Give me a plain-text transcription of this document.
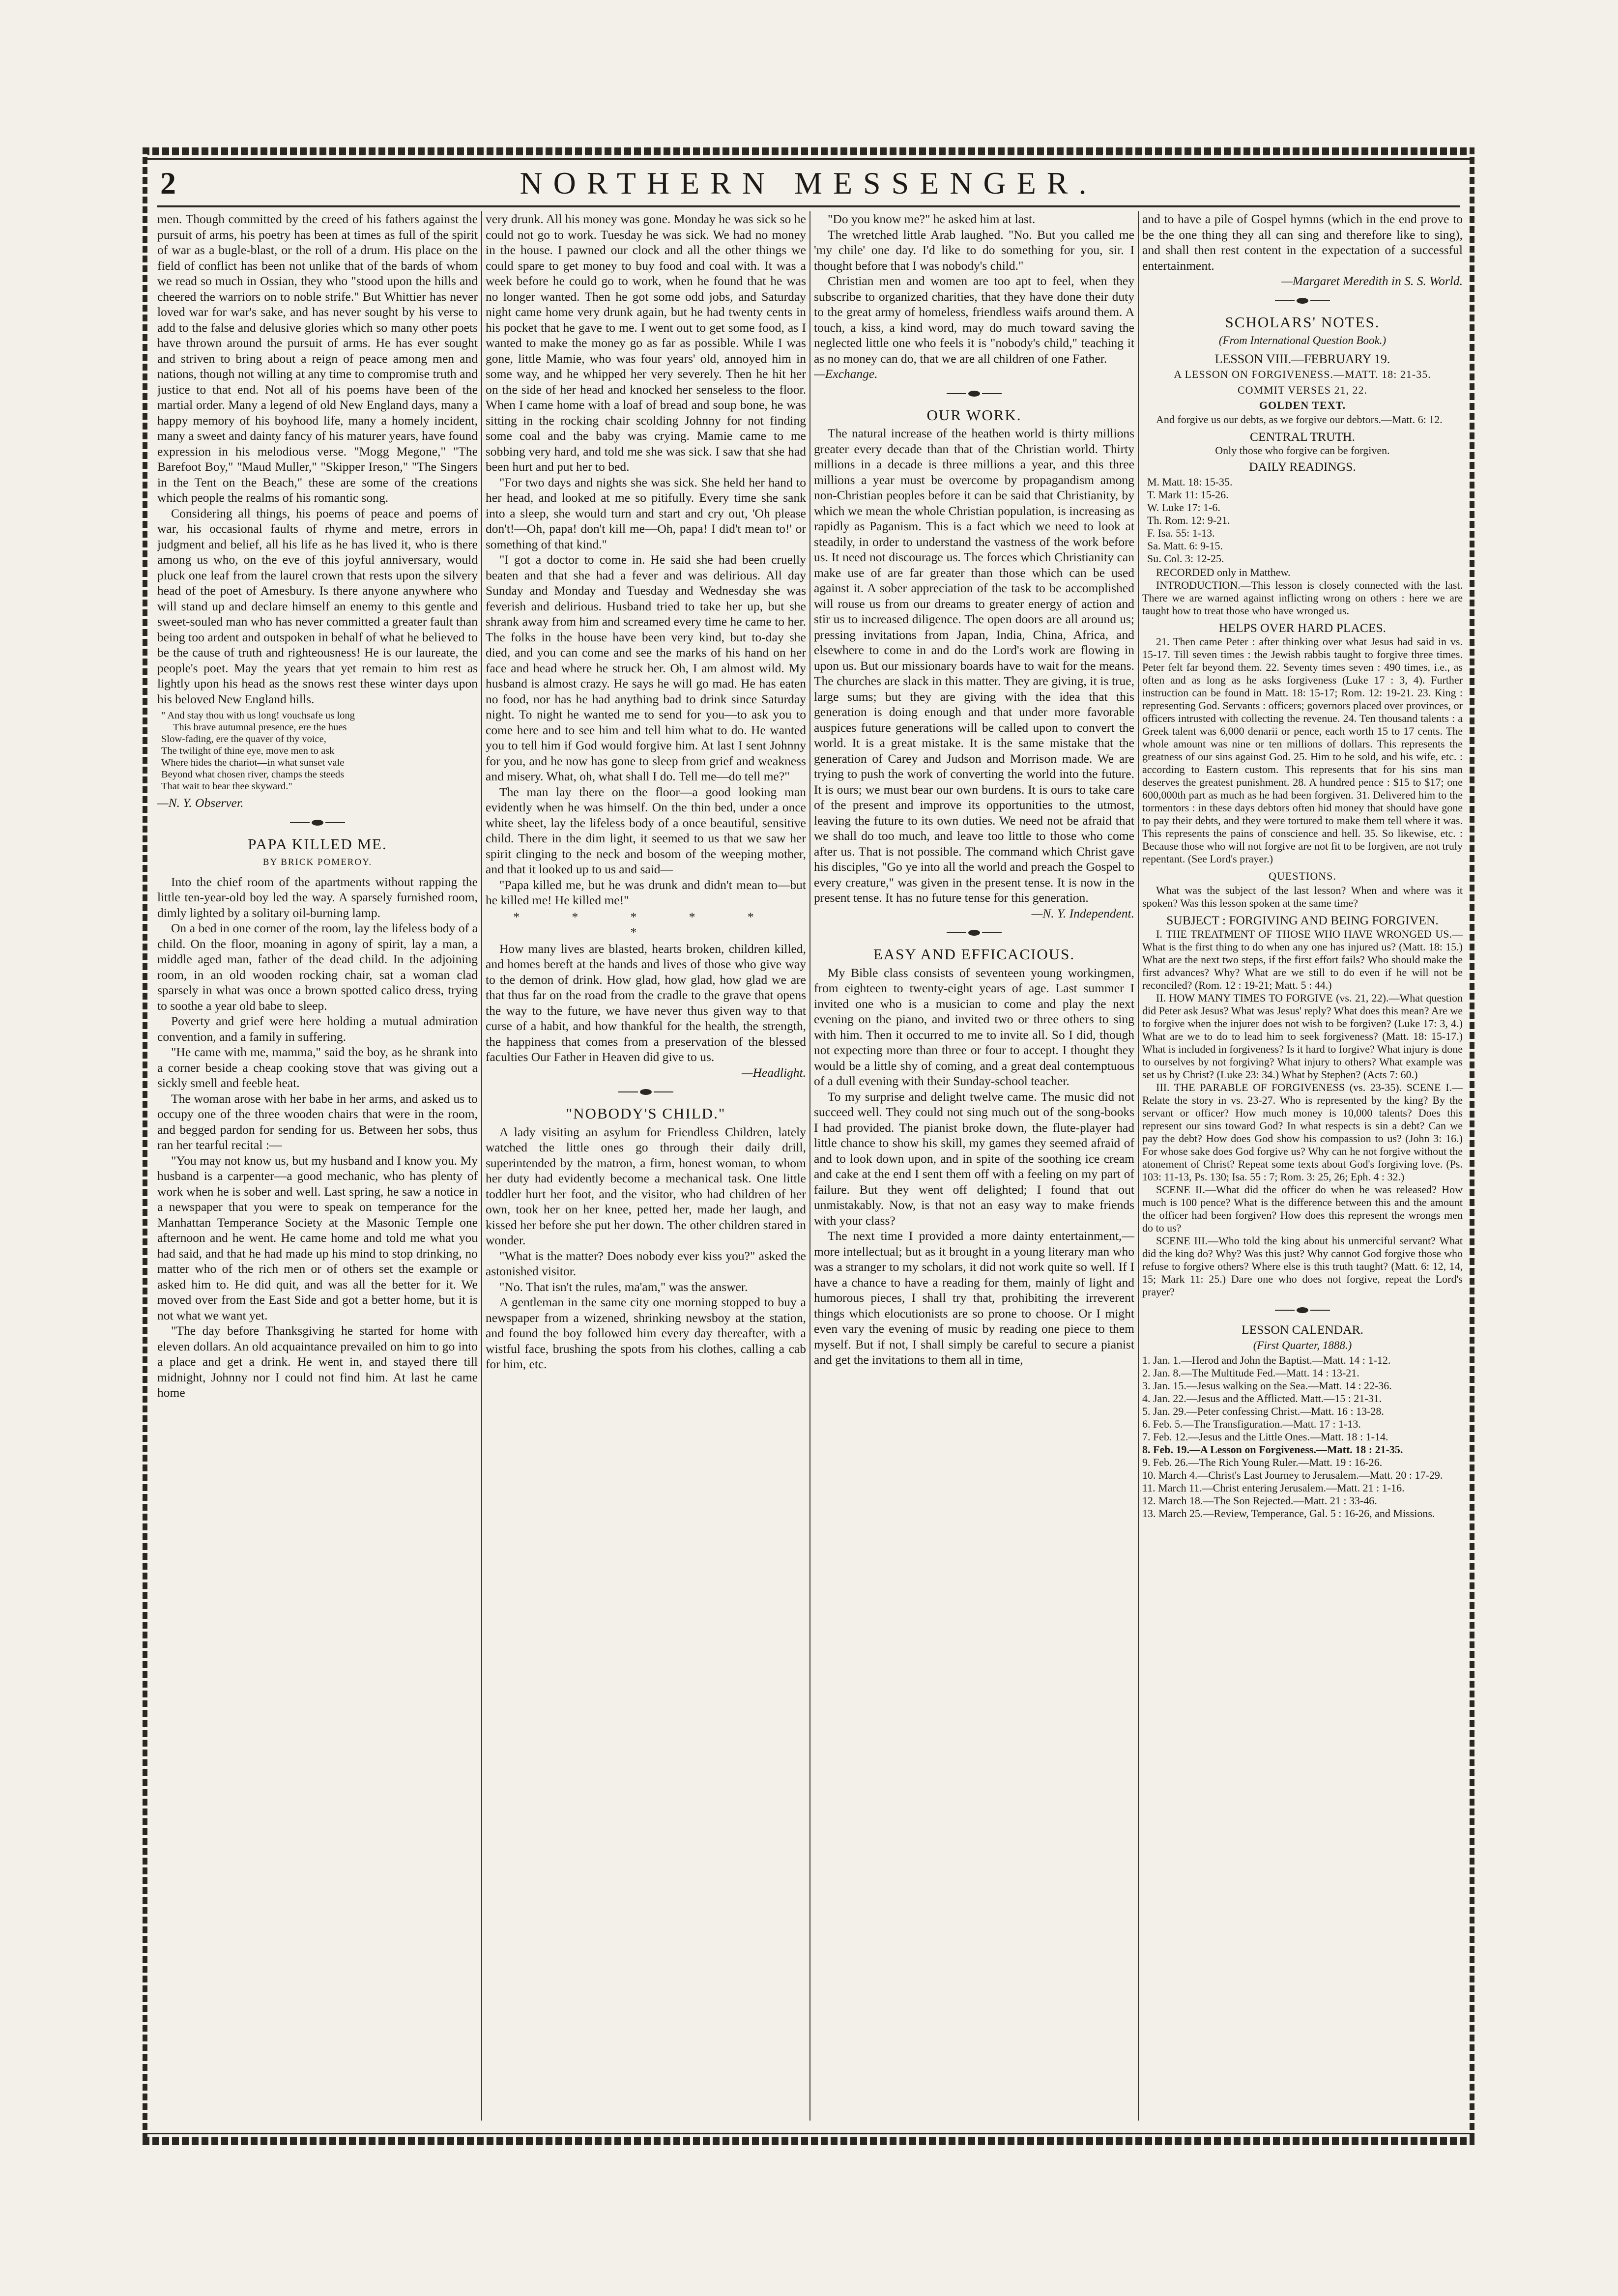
2	NORTHERN MESSENGER.

men. Though committed by the creed of his fathers against the pursuit of arms, his poetry has been at times as full of the spirit of war as a bugle-blast, or the roll of a drum. His place on the field of conflict has been not unlike that of the bards of whom we read so much in Ossian, they who "stood upon the hills and cheered the warriors on to noble strife." But Whittier has never loved war for war's sake, and has never sought by his verse to add to the false and delusive glories which so many other poets have thrown around the pursuit of arms. He has ever sought and striven to bring about a reign of peace among men and nations, though not willing at any time to compromise truth and justice to that end. Not all of his poems have been of the martial order. Many a legend of old New England days, many a happy memory of his boyhood life, many a homely incident, many a sweet and dainty fancy of his maturer years, have found expression in his melodious verse. "Mogg Megone," "The Barefoot Boy," "Maud Muller," "Skipper Ireson," "The Singers in the Tent on the Beach," these are some of the creations which people the realms of his romantic song.

Considering all things, his poems of peace and poems of war, his occasional faults of rhyme and metre, errors in judgment and belief, all his life as he has lived it, who is there among us who, on the eve of this joyful anniversary, would pluck one leaf from the laurel crown that rests upon the silvery head of the poet of Amesbury. Is there anyone anywhere who will stand up and declare himself an enemy to this gentle and sweet-souled man who has never committed a greater fault than being too ardent and outspoken in behalf of what he believed to be the cause of truth and righteousness! He is our laureate, the people's poet. May the years that yet remain to him rest as lightly upon his head as the snows rest these winter days upon his beloved New England hills.

" And stay thou with us long! vouchsafe us long
This brave autumnal presence, ere the hues
Slow-fading, ere the quaver of thy voice,
The twilight of thine eye, move men to ask
Where hides the chariot—in what sunset vale
Beyond what chosen river, champs the steeds
That wait to bear thee skyward."

—N. Y. Observer.

PAPA KILLED ME.
BY BRICK POMEROY.

Into the chief room of the apartments without rapping the little ten-year-old boy led the way. A sparsely furnished room, dimly lighted by a solitary oil-burning lamp.

On a bed in one corner of the room, lay the lifeless body of a child. On the floor, moaning in agony of spirit, lay a man, a middle aged man, father of the dead child. In the adjoining room, in an old wooden rocking chair, sat a woman clad sparsely in what was once a brown spotted calico dress, trying to soothe a year old babe to sleep.

Poverty and grief were here holding a mutual admiration convention, and a family in suffering.

"He came with me, mamma," said the boy, as he shrank into a corner beside a cheap cooking stove that was giving out a sickly smell and feeble heat.

The woman arose with her babe in her arms, and asked us to occupy one of the three wooden chairs that were in the room, and begged pardon for sending for us. Between her sobs, thus ran her tearful recital :—

"You may not know us, but my husband and I know you. My husband is a carpenter—a good mechanic, who has plenty of work when he is sober and well. Last spring, he saw a notice in a newspaper that you were to speak on temperance for the Manhattan Temperance Society at the Masonic Temple one afternoon and he went. He came home and told me what you had said, and that he had made up his mind to stop drinking, no matter who of the rich men or of others set the example or asked him to. He did quit, and was all the better for it. We moved over from the East Side and got a better home, but it is not what we want yet.

"The day before Thanksgiving he started for home with eleven dollars. An old acquaintance prevailed on him to go into a place and get a drink. He went in, and stayed there till midnight, Johnny nor I could not find him. At last he came home

very drunk. All his money was gone. Monday he was sick so he could not go to work. Tuesday he was sick. We had no money in the house. I pawned our clock and all the other things we could spare to get money to buy food and coal with. It was a week before he could go to work, when he found that he was no longer wanted. Then he got some odd jobs, and Saturday night came home very drunk again, but he had twenty cents in his pocket that he gave to me. I went out to get some food, as I wanted to make the money go as far as possible. While I was gone, little Mamie, who was four years' old, annoyed him in some way, and he whipped her very severely. Then he hit her on the side of her head and knocked her senseless to the floor. When I came home with a loaf of bread and soup bone, he was sitting in the rocking chair scolding Johnny for not finding some coal and the baby was crying. Mamie came to me sobbing very hard, and told me she was sick. I saw that she had been hurt and put her to bed.

"For two days and nights she was sick. She held her hand to her head, and looked at me so pitifully. Every time she sank into a sleep, she would turn and start and cry out, 'Oh please don't!—Oh, papa! don't kill me—Oh, papa! I did't mean to!' or something of that kind."

"I got a doctor to come in. He said she had been cruelly beaten and that she had a fever and was delirious. All day Sunday and Monday and Tuesday and Wednesday she was feverish and delirious. Husband tried to take her up, but she shrank away from him and screamed every time he came to her. The folks in the house have been very kind, but to-day she died, and you can come and see the marks of his hand on her face and head where he struck her. Oh, I am almost wild. My husband is almost crazy. He says he will go mad. He has eaten no food, nor has he had anything bad to drink since Saturday night. To night he wanted me to send for you—to ask you to come here and to see him and tell him what to do. He wanted you to tell him if God would forgive him. At last I sent Johnny for you, and he now has gone to sleep from grief and weakness and misery. What, oh, what shall I do. Tell me—do tell me?"

The man lay there on the floor—a good looking man evidently when he was himself. On the thin bed, under a once white sheet, lay the lifeless body of a once beautiful, sensitive child. There in the dim light, it seemed to us that we saw her spirit clinging to the neck and bosom of the weeping mother, and that it looked up to us and said—

"Papa killed me, but he was drunk and didn't mean to—but he killed me! He killed me!"

* * * * * *

How many lives are blasted, hearts broken, children killed, and homes bereft at the hands and lives of those who give way to the demon of drink. How glad, how glad, how glad we are that thus far on the road from the cradle to the grave that opens the way to the future, we have never thus given way to that curse of a habit, and how thankful for the health, the strength, the happiness that comes from a preservation of the blessed faculties Our Father in Heaven did give to us.

—Headlight.

"NOBODY'S CHILD."

A lady visiting an asylum for Friendless Children, lately watched the little ones go through their daily drill, superintended by the matron, a firm, honest woman, to whom her duty had evidently become a mechanical task. One little toddler hurt her foot, and the visitor, who had children of her own, took her on her knee, petted her, made her laugh, and kissed her before she put her down. The other children stared in wonder.

"What is the matter? Does nobody ever kiss you?" asked the astonished visitor.

"No. That isn't the rules, ma'am," was the answer.

A gentleman in the same city one morning stopped to buy a newspaper from a wizened, shrinking newsboy at the station, and found the boy followed him every day thereafter, with a wistful face, brushing the spots from his clothes, calling a cab for him, etc.

"Do you know me?" he asked him at last.

The wretched little Arab laughed. "No. But you called me 'my chile' one day. I'd like to do something for you, sir. I thought before that I was nobody's child."

Christian men and women are too apt to feel, when they subscribe to organized charities, that they have done their duty to the great army of homeless, friendless waifs around them. A touch, a kiss, a kind word, may do much toward saving the neglected little one who feels it is "nobody's child," teaching it as no money can do, that we are all children of one Father.

—Exchange.

OUR WORK.

The natural increase of the heathen world is thirty millions greater every decade than that of the Christian world. Thirty millions in a decade is three millions a year, and this three millions a year must be overcome by propagandism among non-Christian peoples before it can be said that Christianity, by which we mean the whole Christian population, is increasing as rapidly as Paganism. This is a fact which we need to look at steadily, in order to understand the vastness of the work before us. It need not discourage us. The forces which Christianity can make use of are far greater than those which can be used against it. A sober appreciation of the task to be accomplished will rouse us from our dreams to greater energy of action and stir us to increased diligence. The open doors are all around us; pressing invitations from Japan, India, China, Africa, and elsewhere to come in and do the Lord's work are flowing in upon us. But our missionary boards have to wait for the means. The churches are slack in this matter. They are giving, it is true, large sums; but they are giving with the idea that this generation is doing enough and that under more favorable auspices future generations will be called upon to convert the world. It is a great mistake. It is the same mistake that the generation of Carey and Judson and Morrison made. We are trying to push the work of converting the world into the future. It is ours; we must bear our own burdens. It is ours to take care of the present and improve its opportunities to the utmost, leaving the future to its own duties. We need not be afraid that we shall do too much, and leave too little to those who come after us. That is not possible. The command which Christ gave his disciples, "Go ye into all the world and preach the Gospel to every creature," was given in the present tense. It is now in the present tense. It has no future tense for this generation.

—N. Y. Independent.

EASY AND EFFICACIOUS.

My Bible class consists of seventeen young workingmen, from eighteen to twenty-eight years of age. Last summer I invited one who is a musician to come and play the next evening on the piano, and invited two or three others to sing with him. Then it occurred to me to invite all. So I did, though not expecting more than three or four to accept. I thought they would be a little shy of coming, and a great deal contemptuous of a dull evening with their Sunday-school teacher.

To my surprise and delight twelve came. The music did not succeed well. They could not sing much out of the song-books I had provided. The pianist broke down, the flute-player had little chance to show his skill, my games they seemed afraid of and to look down upon, and in spite of the soothing ice cream and cake at the end I sent them off with a feeling on my part of failure. But they went off delighted; I found that out unmistakably. Now, is that not an easy way to make friends with your class?

The next time I provided a more dainty entertainment,—more intellectual; but as it brought in a young literary man who was a stranger to my scholars, it did not work quite so well. If I have a chance to have a reading for them, mainly of light and humorous pieces, I shall try that, prohibiting the irreverent things which elocutionists are so prone to choose. Or I might even vary the evening of music by reading one piece to them myself. But if not, I shall simply be careful to secure a pianist and get the invitations to them all in time,

and to have a pile of Gospel hymns (which in the end prove to be the one thing they all can sing and therefore like to sing), and shall then rest content in the expectation of a successful entertainment.

—Margaret Meredith in S. S. World.

SCHOLARS' NOTES.
(From International Question Book.)
LESSON VIII.—FEBRUARY 19.
A LESSON ON FORGIVENESS.—MATT. 18: 21-35.
COMMIT VERSES 21, 22.
GOLDEN TEXT.

And forgive us our debts, as we forgive our debtors.—Matt. 6: 12.

CENTRAL TRUTH.
Only those who forgive can be forgiven.
DAILY READINGS.
M. Matt. 18: 15-35.
T. Mark 11: 15-26.
W. Luke 17: 1-6.
Th. Rom. 12: 9-21.
F. Isa. 55: 1-13.
Sa. Matt. 6: 9-15.
Su. Col. 3: 12-25.

RECORDED only in Matthew.

INTRODUCTION.—This lesson is closely connected with the last. There we are warned against inflicting wrong on others : here we are taught how to treat those who have wronged us.

HELPS OVER HARD PLACES.

21. Then came Peter : after thinking over what Jesus had said in vs. 15-17. Till seven times : the Jewish rabbis taught to forgive three times. Peter felt far beyond them. 22. Seventy times seven : 490 times, i.e., as often and as long as he asks forgiveness (Luke 17 : 3, 4). Further instruction can be found in Matt. 18: 15-17; Rom. 12: 19-21. 23. King : representing God. Servants : officers; governors placed over provinces, or officers intrusted with collecting the revenue. 24. Ten thousand talents : a Greek talent was 6,000 denarii or pence, each worth 15 to 17 cents. The whole amount was nine or ten millions of dollars. This represents the greatness of our sins against God. 25. Him to be sold, and his wife, etc. : according to Eastern custom. This represents that for his sins man deserves the greatest punishment. 28. A hundred pence : $15 to $17; one 600,000th part as much as he had been forgiven. 31. Delivered him to the tormentors : in these days debtors often hid money that should have gone to pay their debts, and they were tortured to make them tell where it was. This represents the pains of conscience and hell. 35. So likewise, etc. : Because those who will not forgive are not fit to be forgiven, are not truly repentant. (See Lord's prayer.)

QUESTIONS.

What was the subject of the last lesson? When and where was it spoken? Was this lesson spoken at the same time?

SUBJECT : FORGIVING AND BEING FORGIVEN.

I. THE TREATMENT OF THOSE WHO HAVE WRONGED US.—What is the first thing to do when any one has injured us? (Matt. 18: 15.) What are the next two steps, if the first effort fails? Who should make the first advances? Why? What are we still to do even if he will not be reconciled? (Rom. 12 : 19-21; Matt. 5 : 44.)

II. HOW MANY TIMES TO FORGIVE (vs. 21, 22).—What question did Peter ask Jesus? What was Jesus' reply? What does this mean? Are we to forgive when the injurer does not wish to be forgiven? (Luke 17: 3, 4.) What are we to do to lead him to seek forgiveness? (Matt. 18: 15-17.) What is included in forgiveness? Is it hard to forgive? What injury is done to ourselves by not forgiving? What injury to others? What example was set us by Christ? (Luke 23: 34.) What by Stephen? (Acts 7: 60.)

III. THE PARABLE OF FORGIVENESS (vs. 23-35). SCENE I.—Relate the story in vs. 23-27. Who is represented by the king? By the servant or officer? How much money is 10,000 talents? Does this represent our sins toward God? In what respects is sin a debt? Can we pay the debt? How does God show his compassion to us? (John 3: 16.) For whose sake does God forgive us? Why can he not forgive without the atonement of Christ? Repeat some texts about God's forgiving love. (Ps. 103: 11-13, Ps. 130; Isa. 55 : 7; Rom. 3: 25, 26; Eph. 4 : 32.)

SCENE II.—What did the officer do when he was released? How much is 100 pence? What is the difference between this and the amount the officer had been forgiven? How does this represent the wrongs men do to us?

SCENE III.—Who told the king about his unmerciful servant? What did the king do? Why? Was this just? Why cannot God forgive those who refuse to forgive others? Where else is this truth taught? (Matt. 6: 12, 14, 15; Mark 11: 25.) Dare one who does not forgive, repeat the Lord's prayer?

LESSON CALENDAR.
(First Quarter, 1888.)
1. Jan. 1.—Herod and John the Baptist.—Matt. 14 : 1-12.
2. Jan. 8.—The Multitude Fed.—Matt. 14 : 13-21.
3. Jan. 15.—Jesus walking on the Sea.—Matt. 14 : 22-36.
4. Jan. 22.—Jesus and the Afflicted. Matt.—15 : 21-31.
5. Jan. 29.—Peter confessing Christ.—Matt. 16 : 13-28.
6. Feb. 5.—The Transfiguration.—Matt. 17 : 1-13.
7. Feb. 12.—Jesus and the Little Ones.—Matt. 18 : 1-14.
8. Feb. 19.—A Lesson on Forgiveness.—Matt. 18 : 21-35.
9. Feb. 26.—The Rich Young Ruler.—Matt. 19 : 16-26.
10. March 4.—Christ's Last Journey to Jerusalem.—Matt. 20 : 17-29.
11. March 11.—Christ entering Jerusalem.—Matt. 21 : 1-16.
12. March 18.—The Son Rejected.—Matt. 21 : 33-46.
13. March 25.—Review, Temperance, Gal. 5 : 16-26, and Missions.
